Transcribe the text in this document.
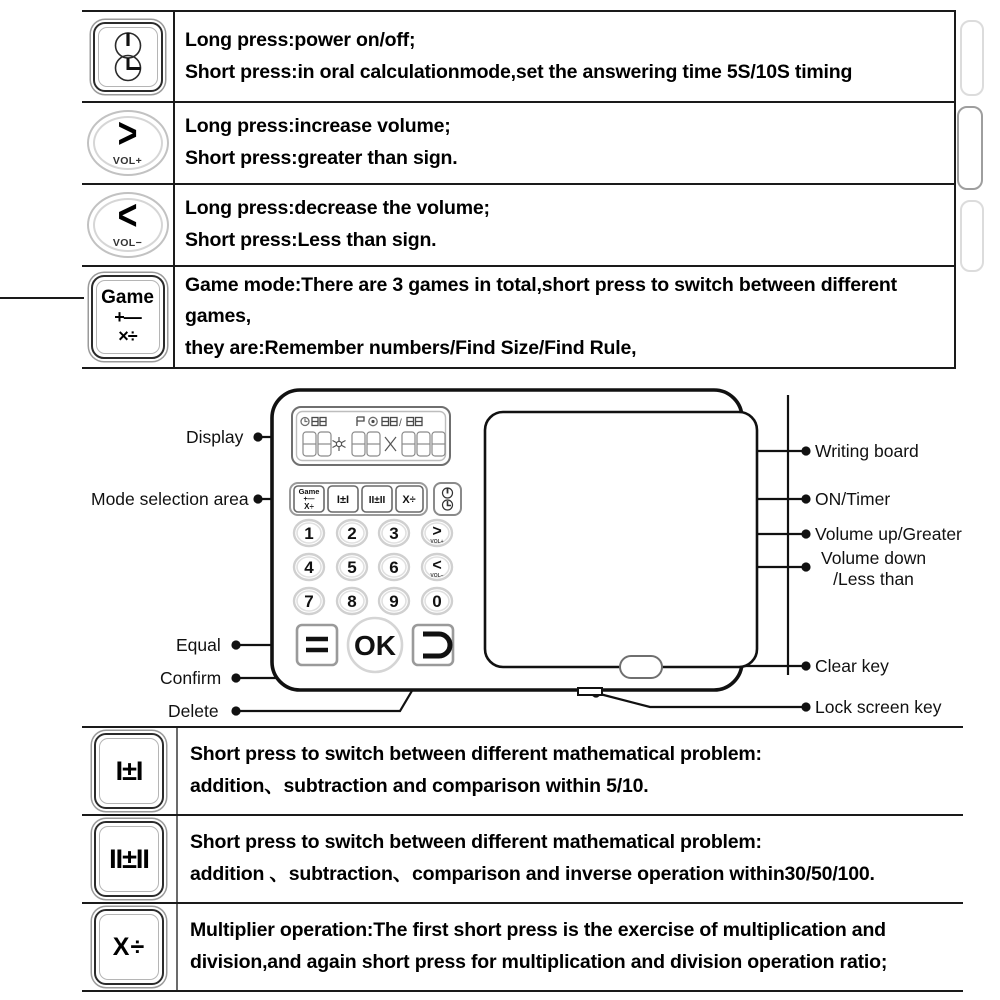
Long press:power on/off;
Short press:in oral calculationmode,set the answering time 5S/10S timing
>
VOL+
Long press:increase volume;
Short press:greater than sign.
<
VOL−
Long press:decrease the volume;
Short press:Less than sign.
Game
+—
×÷
Game mode:There are 3 games in total,short press to switch between different
games,
they are:Remember numbers/Find Size/Find Rule,
/
Game
+—
X÷
I±I II±II X÷
1 2 3
4 5 6
7 8 9 0
>
VOL+
<
VOL−
OK
Display
Mode selection area
Equal
Confirm
Delete
Writing board
ON/Timer
Volume up/Greater
Volume down
/Less than
Clear key
Lock screen key
I±I
Short press to switch between different mathematical problem:
addition、subtraction and comparison within 5/10.
II±II
Short press to switch between different mathematical problem:
addition 、subtraction、comparison and inverse operation within30/50/100.
X÷
Multiplier operation:The first short press is the exercise of multiplication and
division,and again short press for multiplication and division operation ratio;
